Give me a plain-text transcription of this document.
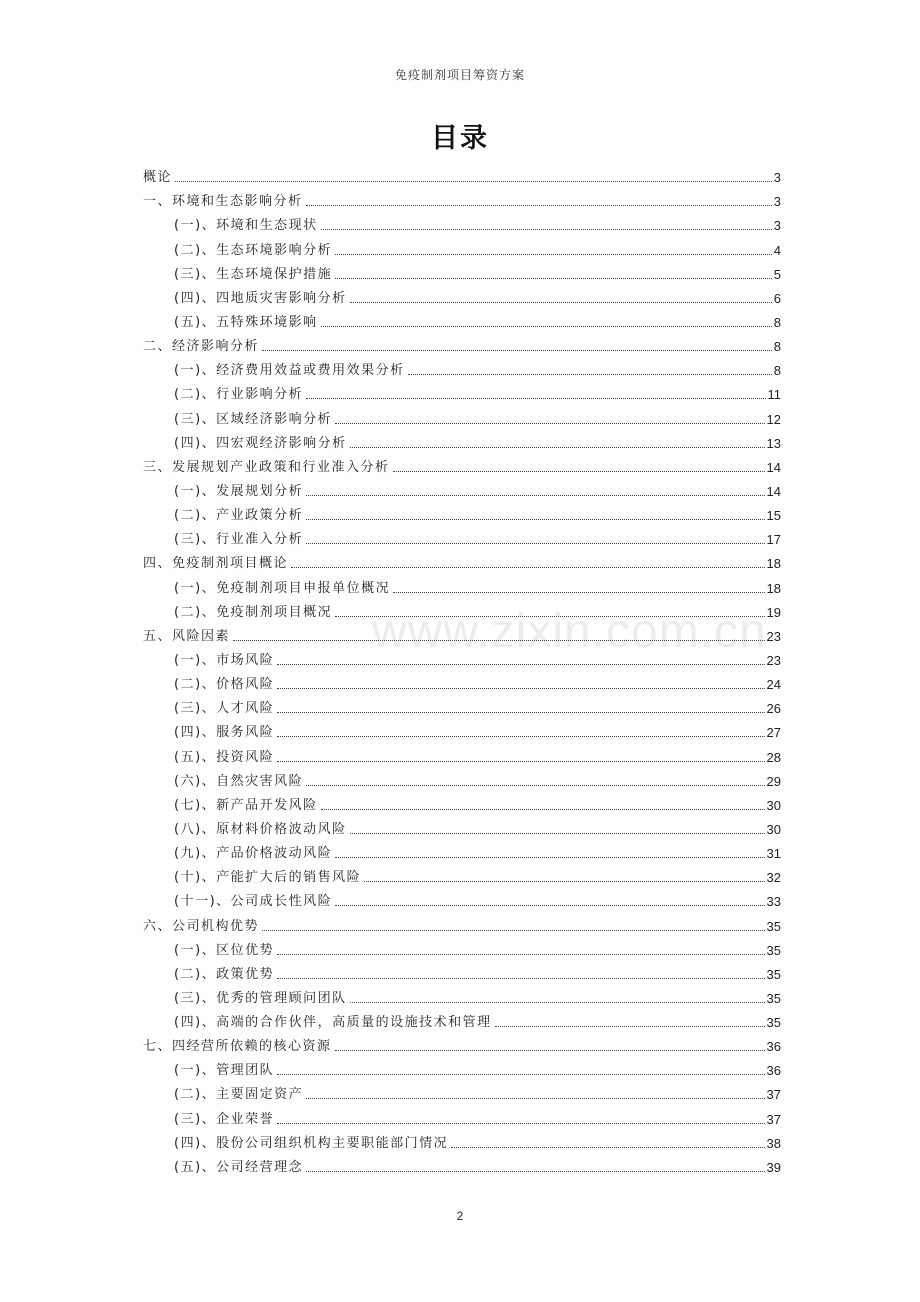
免疫制剂项目筹资方案
目录
www.zixin.com.cn
概论	3
一、环境和生态影响分析	3
(一)、环境和生态现状	3
(二)、生态环境影响分析	4
(三)、生态环境保护措施	5
(四)、四地质灾害影响分析	6
(五)、五特殊环境影响	8
二、经济影响分析	8
(一)、经济费用效益或费用效果分析	8
(二)、行业影响分析	11
(三)、区域经济影响分析	12
(四)、四宏观经济影响分析	13
三、发展规划产业政策和行业准入分析	14
(一)、发展规划分析	14
(二)、产业政策分析	15
(三)、行业准入分析	17
四、免疫制剂项目概论	18
(一)、免疫制剂项目申报单位概况	18
(二)、免疫制剂项目概况	19
五、风险因素	23
(一)、市场风险	23
(二)、价格风险	24
(三)、人才风险	26
(四)、服务风险	27
(五)、投资风险	28
(六)、自然灾害风险	29
(七)、新产品开发风险	30
(八)、原材料价格波动风险	30
(九)、产品价格波动风险	31
(十)、产能扩大后的销售风险	32
(十一)、公司成长性风险	33
六、公司机构优势	35
(一)、区位优势	35
(二)、政策优势	35
(三)、优秀的管理顾问团队	35
(四)、高端的合作伙伴，高质量的设施技术和管理	35
七、四经营所依赖的核心资源	36
(一)、管理团队	36
(二)、主要固定资产	37
(三)、企业荣誉	37
(四)、股份公司组织机构主要职能部门情况	38
(五)、公司经营理念	39
2
